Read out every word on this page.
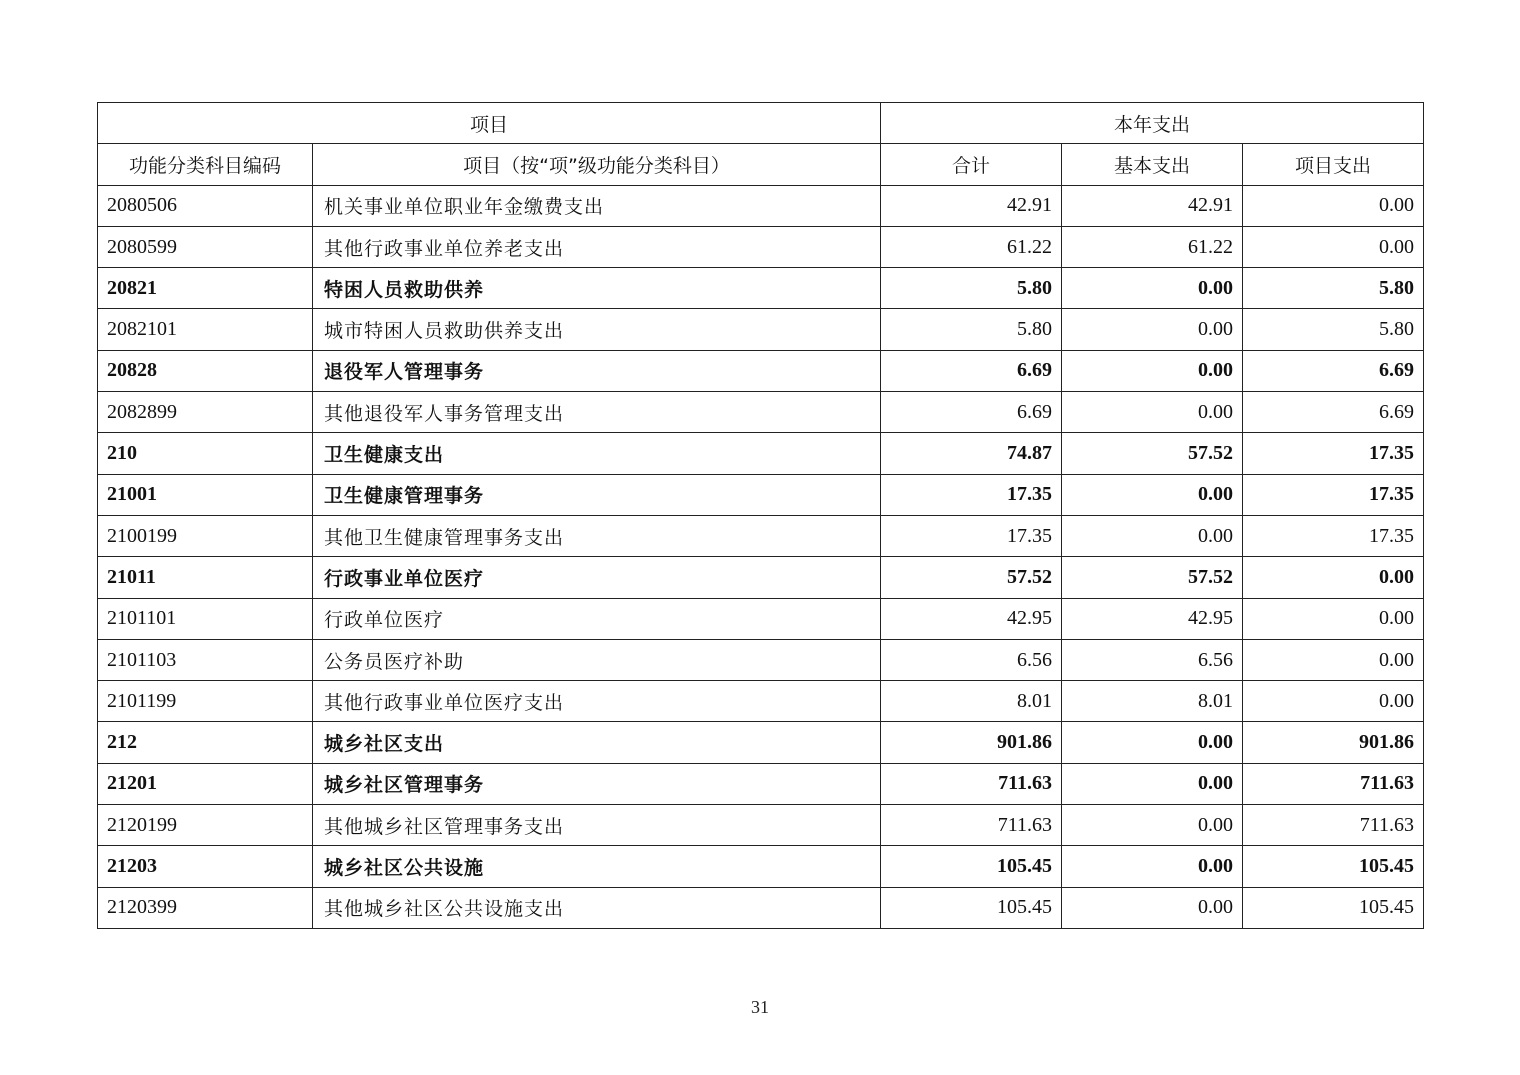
项目		本年支出		
功能分类科目编码	项目（按“项”级功能分类科目）	合计	基本支出	项目支出
2080506	机关事业单位职业年金缴费支出	42.91	42.91	0.00
2080599	其他行政事业单位养老支出	61.22	61.22	0.00
20821	特困人员救助供养	5.80	0.00	5.80
2082101	城市特困人员救助供养支出	5.80	0.00	5.80
20828	退役军人管理事务	6.69	0.00	6.69
2082899	其他退役军人事务管理支出	6.69	0.00	6.69
210	卫生健康支出	74.87	57.52	17.35
21001	卫生健康管理事务	17.35	0.00	17.35
2100199	其他卫生健康管理事务支出	17.35	0.00	17.35
21011	行政事业单位医疗	57.52	57.52	0.00
2101101	行政单位医疗	42.95	42.95	0.00
2101103	公务员医疗补助	6.56	6.56	0.00
2101199	其他行政事业单位医疗支出	8.01	8.01	0.00
212	城乡社区支出	901.86	0.00	901.86
21201	城乡社区管理事务	711.63	0.00	711.63
2120199	其他城乡社区管理事务支出	711.63	0.00	711.63
21203	城乡社区公共设施	105.45	0.00	105.45
2120399	其他城乡社区公共设施支出	105.45	0.00	105.45
31
